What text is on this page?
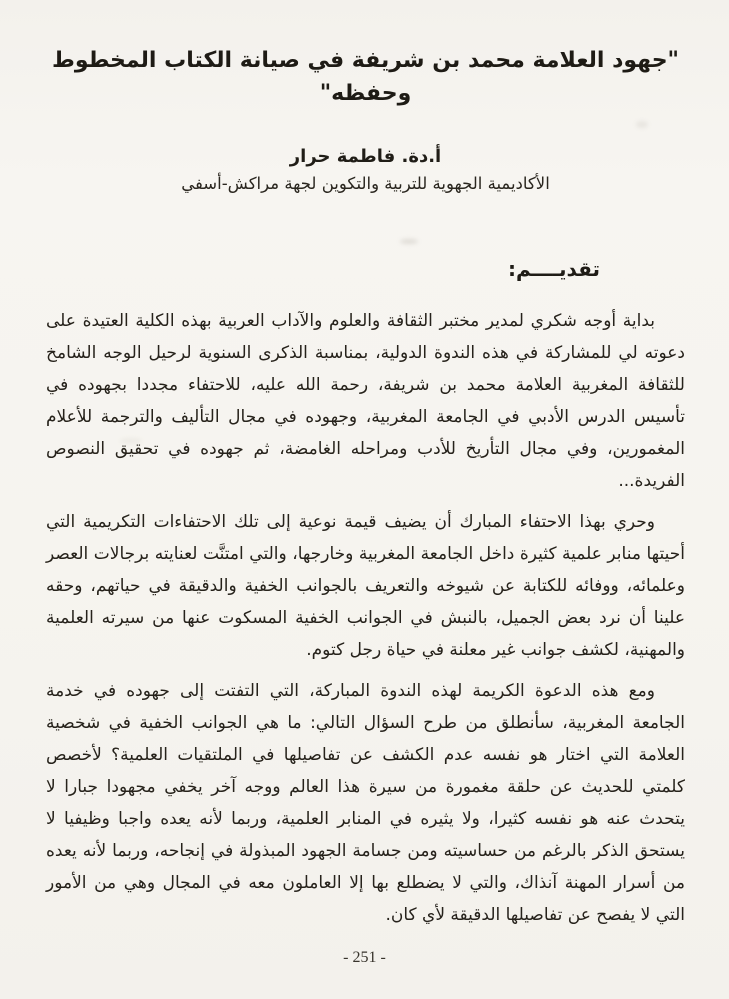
"جهود العلامة محمد بن شريفة في صيانة الكتاب المخطوط وحفظه"
أ.دة. فاطمة حرار
الأكاديمية الجهوية للتربية والتكوين لجهة مراكش-أسفي
تقديــــم:

بداية أوجه شكري لمدير مختبر الثقافة والعلوم والآداب العربية بهذه الكلية العتيدة على دعوته لي للمشاركة في هذه الندوة الدولية، بمناسبة الذكرى السنوية لرحيل الوجه الشامخ للثقافة المغربية العلامة محمد بن شريفة، رحمة الله عليه، للاحتفاء مجددا بجهوده في تأسيس الدرس الأدبي في الجامعة المغربية، وجهوده في مجال التأليف والترجمة للأعلام المغمورين، وفي مجال التأريخ للأدب ومراحله الغامضة، ثم جهوده في تحقيق النصوص الفريدة...

وحري بهذا الاحتفاء المبارك أن يضيف قيمة نوعية إلى تلك الاحتفاءات التكريمية التي أحيتها منابر علمية كثيرة داخل الجامعة المغربية وخارجها، والتي امتنَّت لعنايته برجالات العصر وعلمائه، ووفائه للكتابة عن شيوخه والتعريف بالجوانب الخفية والدقيقة في حياتهم، وحقه علينا أن نرد بعض الجميل، بالنبش في الجوانب الخفية المسكوت عنها من سيرته العلمية والمهنية، لكشف جوانب غير معلنة في حياة رجل كتوم.

ومع هذه الدعوة الكريمة لهذه الندوة المباركة، التي التفتت إلى جهوده في خدمة الجامعة المغربية، سأنطلق من طرح السؤال التالي: ما هي الجوانب الخفية في شخصية العلامة التي اختار هو نفسه عدم الكشف عن تفاصيلها في الملتقيات العلمية؟ لأخصص كلمتي للحديث عن حلقة مغمورة من سيرة هذا العالم ووجه آخر يخفي مجهودا جبارا لا يتحدث عنه هو نفسه كثيرا، ولا يثيره في المنابر العلمية، وربما لأنه يعده واجبا وظيفيا لا يستحق الذكر بالرغم من حساسيته ومن جسامة الجهود المبذولة في إنجاحه، وربما لأنه يعده من أسرار المهنة آنذاك، والتي لا يضطلع بها إلا العاملون معه في المجال وهي من الأمور التي لا يفصح عن تفاصيلها الدقيقة لأي كان.

- 251 -
